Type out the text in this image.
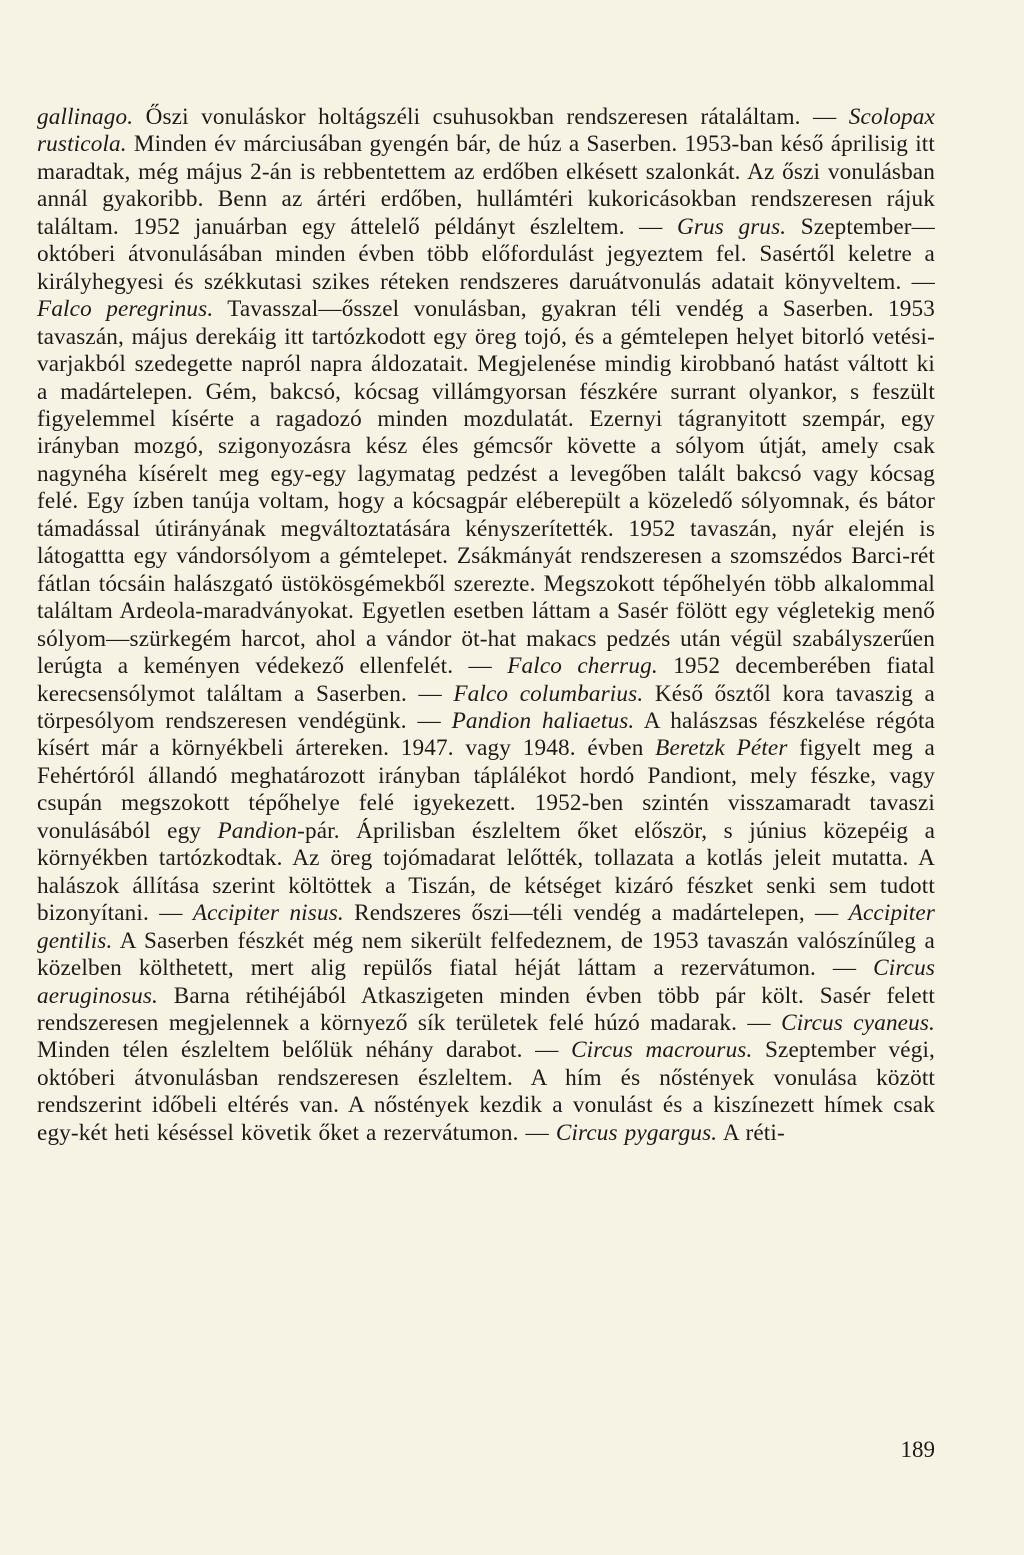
gallinago. Őszi vonuláskor holtágszéli csuhusokban rendszeresen rátaláltam. — Scolopax rusticola. Minden év márciusában gyengén bár, de húz a Saserben. 1953-ban késő áprilisig itt maradtak, még május 2-án is rebbentettem az erdőben elkésett szalonkát. Az őszi vonulásban annál gyakoribb. Benn az ártéri erdőben, hullámtéri kukoricásokban rendszeresen rájuk találtam. 1952 januárban egy áttelelő példányt észleltem. — Grus grus. Szeptember—októberi átvonulásában minden évben több előfordulást jegyeztem fel. Sasértől keletre a királyhegyesi és székkutasi szikes réteken rendszeres daruátvonulás adatait könyveltem. — Falco peregrinus. Tavasszal—ősszel vonulásban, gyakran téli vendég a Saserben. 1953 tavaszán, május derekáig itt tartózkodott egy öreg tojó, és a gémtelepen helyet bitorló vetési-varjakból szedegette napról napra áldozatait. Megjelenése mindig kirobbanó hatást váltott ki a madártelepen. Gém, bakcsó, kócsag villámgyorsan fészkére surrant olyankor, s feszült figyelemmel kísérte a ragadozó minden mozdulatát. Ezernyi tágranyitott szempár, egy irányban mozgó, szigonyozásra kész éles gémcsőr követte a sólyom útját, amely csak nagynéha kísérelt meg egy-egy lagymatag pedzést a levegőben talált bakcsó vagy kócsag felé. Egy ízben tanúja voltam, hogy a kócsagpár eléberepült a közeledő sólyomnak, és bátor támadással útirányának megváltoztatására kényszerítették. 1952 tavaszán, nyár elején is látogattta egy vándorsólyom a gémtelepet. Zsákmányát rendszeresen a szomszédos Barci-rét fátlan tócsáin halászgató üstökösgémekből szerezte. Megszokott tépőhelyén több alkalommal találtam Ardeola-maradványokat. Egyetlen esetben láttam a Sasér fölött egy végletekig menő sólyom—szürkegém harcot, ahol a vándor öt-hat makacs pedzés után végül szabályszerűen lerúgta a keményen védekező ellenfelét. — Falco cherrug. 1952 decemberében fiatal kerecsensólymot találtam a Saserben. — Falco columbarius. Késő ősztől kora tavaszig a törpesólyom rendszeresen vendégünk. — Pandion haliaetus. A halászsas fészkelése régóta kísért már a környékbeli ártereken. 1947. vagy 1948. évben Beretzk Péter figyelt meg a Fehértóról állandó meghatározott irányban táplálékot hordó Pandiont, mely fészke, vagy csupán megszokott tépőhelye felé igyekezett. 1952-ben szintén visszamaradt tavaszi vonulásából egy Pandion-pár. Áprilisban észleltem őket először, s június közepéig a környékben tartózkodtak. Az öreg tojómadarat lelőtték, tollazata a kotlás jeleit mutatta. A halászok állítása szerint költöttek a Tiszán, de kétséget kizáró fészket senki sem tudott bizonyítani. — Accipiter nisus. Rendszeres őszi—téli vendég a madártelepen, — Accipiter gentilis. A Saserben fészkét még nem sikerült felfedeznem, de 1953 tavaszán valószínűleg a közelben költhetett, mert alig repülős fiatal héját láttam a rezervátumon. — Circus aeruginosus. Barna rétihéjából Atkaszigeten minden évben több pár költ. Sasér felett rendszeresen megjelennek a környező sík területek felé húzó madarak. — Circus cyaneus. Minden télen észleltem belőlük néhány darabot. — Circus macrourus. Szeptember végi, októberi átvonulásban rendszeresen észleltem. A hím és nőstények vonulása között rendszerint időbeli eltérés van. A nőstények kezdik a vonulást és a kiszínezett hímek csak egy-két heti késéssel követik őket a rezervátumon. — Circus pygargus. A réti-

189
